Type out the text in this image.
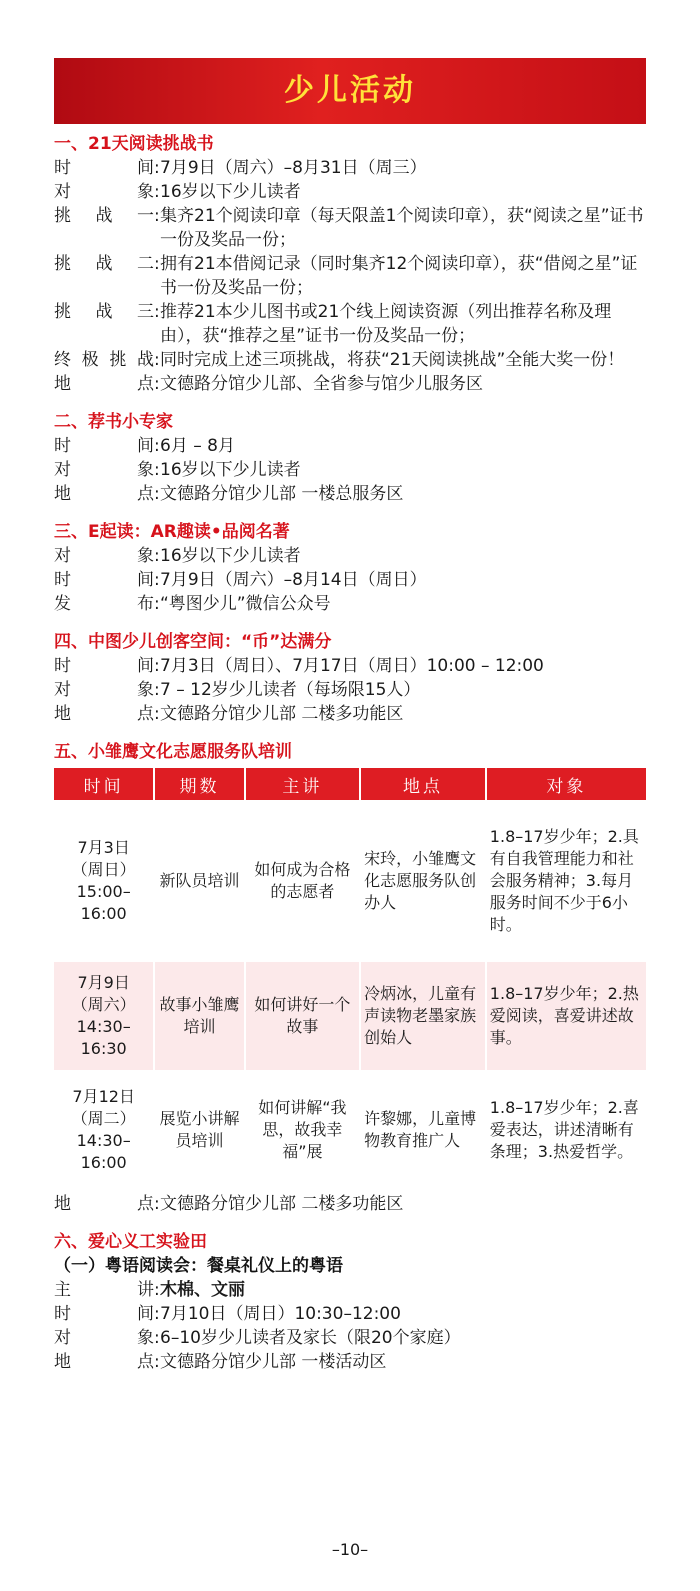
少儿活动
一、21天阅读挑战书
时间 : 7月9日（周六）–8月31日（周三）
对象 : 16岁以下少儿读者
挑战一 : 集齐21个阅读印章（每天限盖1个阅读印章），获“阅读之星”证书一份及奖品一份；
挑战二 : 拥有21本借阅记录（同时集齐12个阅读印章），获“借阅之星”证书一份及奖品一份；
挑战三 : 推荐21本少儿图书或21个线上阅读资源（列出推荐名称及理由），获“推荐之星”证书一份及奖品一份；
终极挑战 : 同时完成上述三项挑战，将获“21天阅读挑战”全能大奖一份！
地点 : 文德路分馆少儿部、全省参与馆少儿服务区
二、荐书小专家
时间 : 6月 – 8月
对象 : 16岁以下少儿读者
地点 : 文德路分馆少儿部 一楼总服务区
三、E起读：AR趣读•品阅名著
对象 : 16岁以下少儿读者
时间 : 7月9日（周六）–8月14日（周日）
发布 : “粤图少儿”微信公众号
四、中图少儿创客空间：“币”达满分
时间 : 7月3日（周日）、7月17日（周日）10:00 – 12:00
对象 : 7 – 12岁少儿读者（每场限15人）
地点 : 文德路分馆少儿部 二楼多功能区
五、小雏鹰文化志愿服务队培训
时间	期数	主讲	地点	对象

7月3日
（周日）
15:00–16:00	新队员培训	如何成为合格的志愿者	宋玲，小雏鹰文化志愿服务队创办人	1.8–17岁少年；2.具有自我管理能力和社会服务精神；3.每月服务时间不少于6小时。

7月9日
（周六）
14:30–16:30	故事小雏鹰培训	如何讲好一个故事	冷炳冰，儿童有声读物老墨家族创始人	1.8–17岁少年；2.热爱阅读，喜爱讲述故事。

7月12日
（周二）
14:30–16:00	展览小讲解员培训	如何讲解“我思，故我幸福”展	许黎娜，儿童博物教育推广人	1.8–17岁少年；2.喜爱表达，讲述清晰有条理；3.热爱哲学。
地点 : 文德路分馆少儿部 二楼多功能区
六、爱心义工实验田
（一）粤语阅读会：餐桌礼仪上的粤语
主讲 : 木棉、文丽
时间 : 7月10日（周日）10:30–12:00
对象 : 6–10岁少儿读者及家长（限20个家庭）
地点 : 文德路分馆少儿部 一楼活动区
–10–
